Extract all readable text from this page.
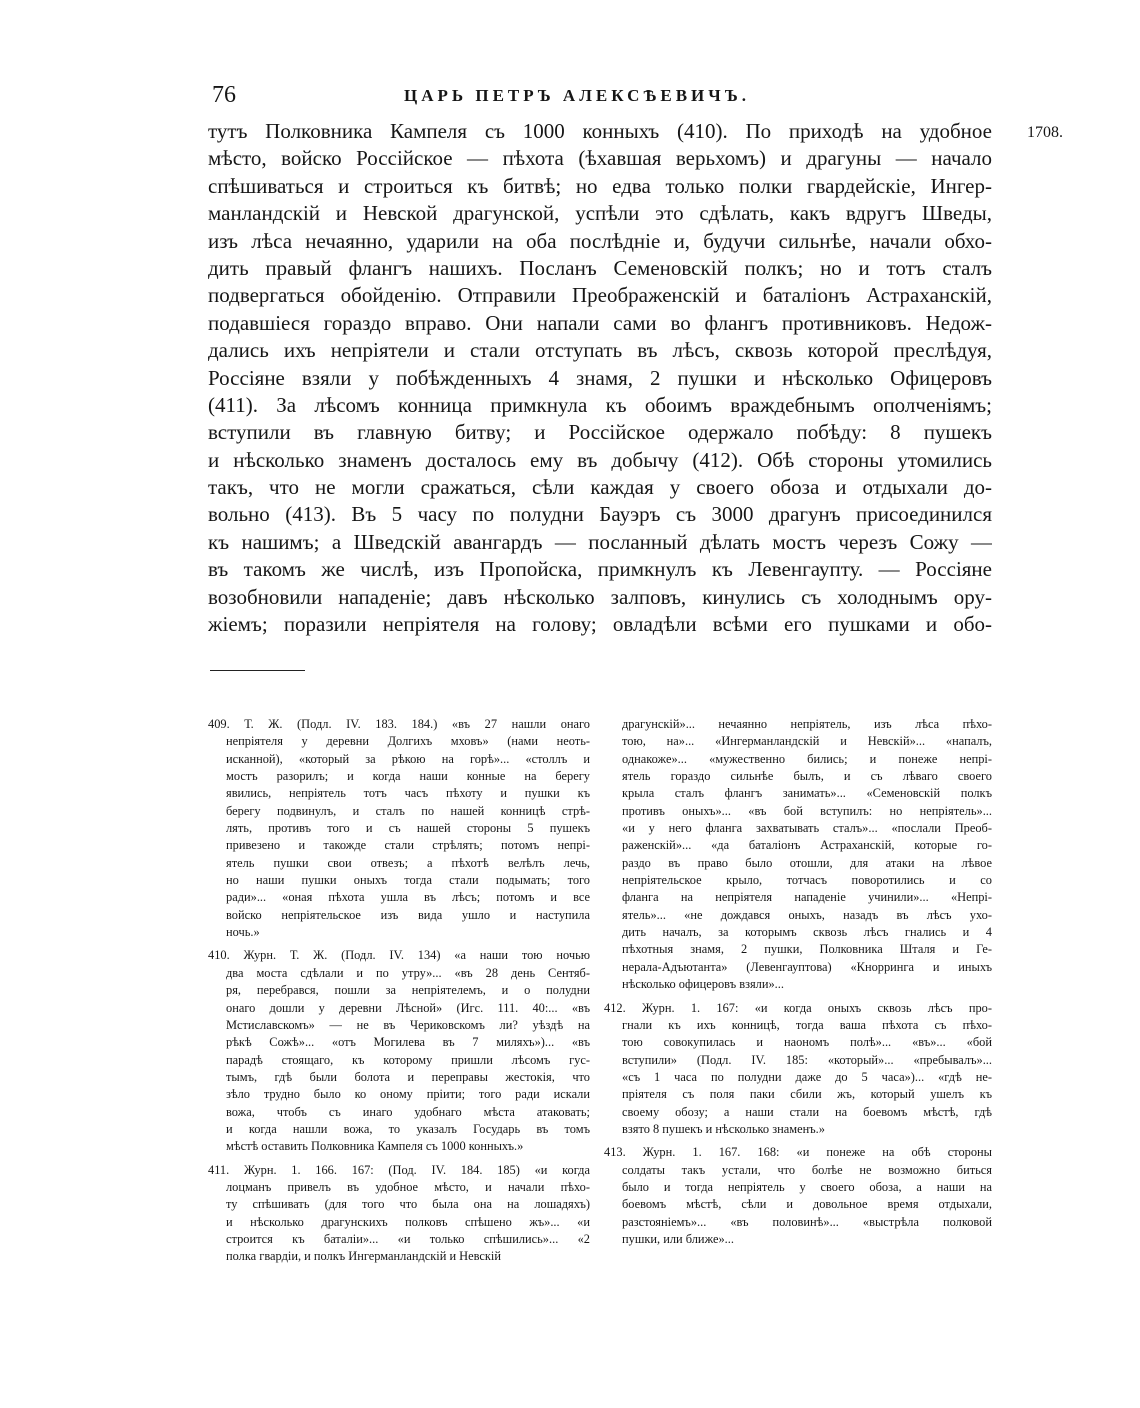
76	ЦАРЬ ПЕТРЪ АЛЕКСѢЕВИЧЪ.
1708.
тутъ Полковника Кампеля съ 1000 конныхъ (410). По приходѣ на удобное
мѣсто, войско Россійское — пѣхота (ѣхавшая верьхомъ) и драгуны — начало
спѣшиваться и строиться къ битвѣ; но едва только полки гвардейскіе, Ингер-
манландскій и Невской драгунской, успѣли это сдѣлать, какъ вдругъ Шведы,
изъ лѣса нечаянно, ударили на оба послѣдніе и, будучи сильнѣе, начали обхо-
дить правый флангъ нашихъ. Посланъ Семеновскій полкъ; но и тотъ сталъ
подвергаться обойденію. Отправили Преображенскій и баталіонъ Астраханскій,
подавшіеся гораздо вправо. Они напали сами во флангъ противниковъ. Недож-
дались ихъ непріятели и стали отступать въ лѣсъ, сквозь которой преслѣдуя,
Россіяне взяли у побѣжденныхъ 4 знамя, 2 пушки и нѣсколько Офицеровъ
(411). За лѣсомъ конница примкнула къ обоимъ враждебнымъ ополченіямъ;
вступили въ главную битву; и Россійское одержало побѣду: 8 пушекъ
и нѣсколько знаменъ досталось ему въ добычу (412). Обѣ стороны утомились
такъ, что не могли сражаться, сѣли каждая у своего обоза и отдыхали до-
вольно (413). Въ 5 часу по полудни Бауэръ съ 3000 драгунъ присоединился
къ нашимъ; а Шведскій авангардъ — посланный дѣлать мостъ черезъ Сожу —
въ такомъ же числѣ, изъ Пропойска, примкнулъ къ Левенгаупту. — Россіяне
возобновили нападеніе; давъ нѣсколько залповъ, кинулись съ холоднымъ ору-
жіемъ; поразили непріятеля на голову; овладѣли всѣми его пушками и обо-
409. Т. Ж. (Подл. IV. 183. 184.) «въ 27 нашли онаго
непріятеля у деревни Долгихъ мховъ» (нами неоть-
исканной), «который за рѣкою на горѣ»... «столлъ и
мостъ разорилъ; и когда наши конные на берегу
явились, непріятель тотъ часъ пѣхоту и пушки къ
берегу подвинулъ, и сталъ по нашей конницѣ стрѣ-
лять, противъ того и съ нашей стороны 5 пушекъ
привезено и такожде стали стрѣлять; потомъ непрі-
ятель пушки свои отвезъ; а пѣхотѣ велѣлъ лечь,
но наши пушки оныхъ тогда стали подымать; того
ради»... «оная пѣхота ушла въ лѣсъ; потомъ и все
войско непріятельское изъ вида ушло и наступила
ночь.»
410. Журн. Т. Ж. (Подл. IV. 134) «а наши тою ночью
два моста сдѣлали и по утру»... «въ 28 день Сентяб-
ря, перебрався, пошли за непріятелемъ, и о полудни
онаго дошли у деревни Лѣсной» (Игс. 111. 40:... «въ
Мстиславскомъ» — не въ Чериковскомъ ли? уѣздѣ на
рѣкѣ Сожѣ»... «отъ Могилева въ 7 миляхъ»)... «въ
парадѣ стоящаго, къ которому пришли лѣсомъ гус-
тымъ, гдѣ были болота и переправы жестокія, что
зѣло трудно было ко оному пріити; того ради искали
вожа, чтобъ съ инаго удобнаго мѣста атаковать;
и когда нашли вожа, то указалъ Государь въ томъ
мѣстѣ оставить Полковника Кампеля съ 1000 конныхъ.»
411. Журн. 1. 166. 167: (Под. IV. 184. 185) «и когда
лоцманъ привелъ въ удобное мѣсто, и начали пѣхо-
ту спѣшивать (для того что была она на лошадяхъ)
и нѣсколько драгунскихъ полковъ спѣшено жъ»... «и
строится къ баталіи»... «и только спѣшились»... «2
полка гвардіи, и полкъ Ингерманландскій и Невскій
драгунскій»... нечаянно непріятель, изъ лѣса пѣхо-
тою, на»... «Ингерманландскій и Невскій»... «напалъ,
однакоже»... «мужественно бились; и понеже непрі-
ятель гораздо сильнѣе былъ, и съ лѣваго своего
крыла сталъ флангъ занимать»... «Семеновскій полкъ
противъ оныхъ»... «въ бой вступилъ: но непріятель»...
«и у него фланга захватывать сталъ»... «послали Преоб-
раженскій»... «да баталіонъ Астраханскій, которые го-
раздо въ право было отошли, для атаки на лѣвое
непріятельское крыло, тотчасъ поворотились и со
фланга на непріятеля нападеніе учинили»... «Непрі-
ятель»... «не дождався оныхъ, назадъ въ лѣсъ ухо-
дить началъ, за которымъ сквозь лѣсъ гнались и 4
пѣхотныя знамя, 2 пушки, Полковника Шталя и Ге-
нерала-Адъютанта» (Левенгауптова) «Кнорринга и иныхъ
нѣсколько офицеровъ взяли»...
412. Журн. 1. 167: «и когда оныхъ сквозь лѣсъ про-
гнали къ ихъ конницѣ, тогда ваша пѣхота съ пѣхо-
тою совокупилась и наономъ полѣ»... «въ»... «бой
вступили» (Подл. IV. 185: «который»... «пребывалъ»...
«съ 1 часа по полудни даже до 5 часа»)... «гдѣ не-
пріятеля съ поля паки сбили жъ, который ушелъ къ
своему обозу; а наши стали на боевомъ мѣстѣ, гдѣ
взято 8 пушекъ и нѣсколько знаменъ.»
413. Журн. 1. 167. 168: «и понеже на обѣ стороны
солдаты такъ устали, что болѣе не возможно биться
было и тогда непріятель у своего обоза, а наши на
боевомъ мѣстѣ, сѣли и довольное время отдыхали,
разстояніемъ»... «въ половинѣ»... «выстрѣла полковой
пушки, или ближе»...
